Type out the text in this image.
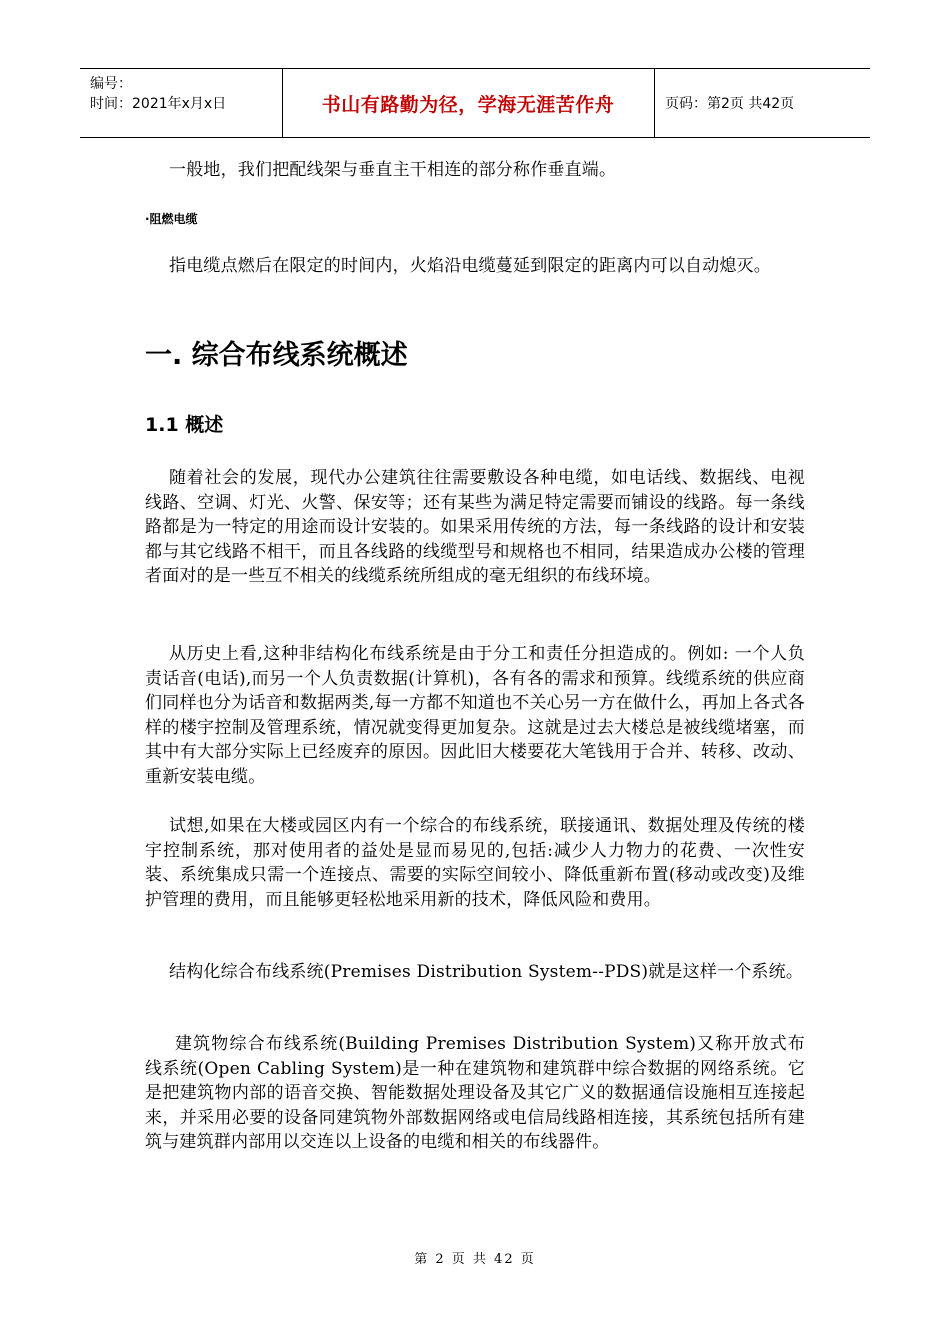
编号：
时间：2021年x月x日	书山有路勤为径，学海无涯苦作舟	页码：第2页 共42页

一般地，我们把配线架与垂直主干相连的部分称作垂直端。

·阻燃电缆

指电缆点燃后在限定的时间内，火焰沿电缆蔓延到限定的距离内可以自动熄灭。

一. 综合布线系统概述
1.1 概述

随着社会的发展，现代办公建筑往往需要敷设各种电缆，如电话线、数据线、电视线路、空调、灯光、火警、保安等；还有某些为满足特定需要而铺设的线路。每一条线路都是为一特定的用途而设计安装的。如果采用传统的方法，每一条线路的设计和安装都与其它线路不相干，而且各线路的线缆型号和规格也不相同，结果造成办公楼的管理者面对的是一些互不相关的线缆系统所组成的毫无组织的布线环境。

从历史上看,这种非结构化布线系统是由于分工和责任分担造成的。例如: 一个人负责话音(电话),而另一个人负责数据(计算机)，各有各的需求和预算。线缆系统的供应商们同样也分为话音和数据两类,每一方都不知道也不关心另一方在做什么，再加上各式各样的楼宇控制及管理系统，情况就变得更加复杂。这就是过去大楼总是被线缆堵塞，而其中有大部分实际上已经废弃的原因。因此旧大楼要花大笔钱用于合并、转移、改动、重新安装电缆。

试想,如果在大楼或园区内有一个综合的布线系统，联接通讯、数据处理及传统的楼宇控制系统，那对使用者的益处是显而易见的,包括:减少人力物力的花费、一次性安装、系统集成只需一个连接点、需要的实际空间较小、降低重新布置(移动或改变)及维护管理的费用，而且能够更轻松地采用新的技术，降低风险和费用。

结构化综合布线系统(Premises Distribution System--PDS)就是这样一个系统。

建筑物综合布线系统(Building Premises Distribution System)又称开放式布线系统(Open Cabling System)是一种在建筑物和建筑群中综合数据的网络系统。它是把建筑物内部的语音交换、智能数据处理设备及其它广义的数据通信设施相互连接起来，并采用必要的设备同建筑物外部数据网络或电信局线路相连接，其系统包括所有建筑与建筑群内部用以交连以上设备的电缆和相关的布线器件。

第 2 页 共 42 页
